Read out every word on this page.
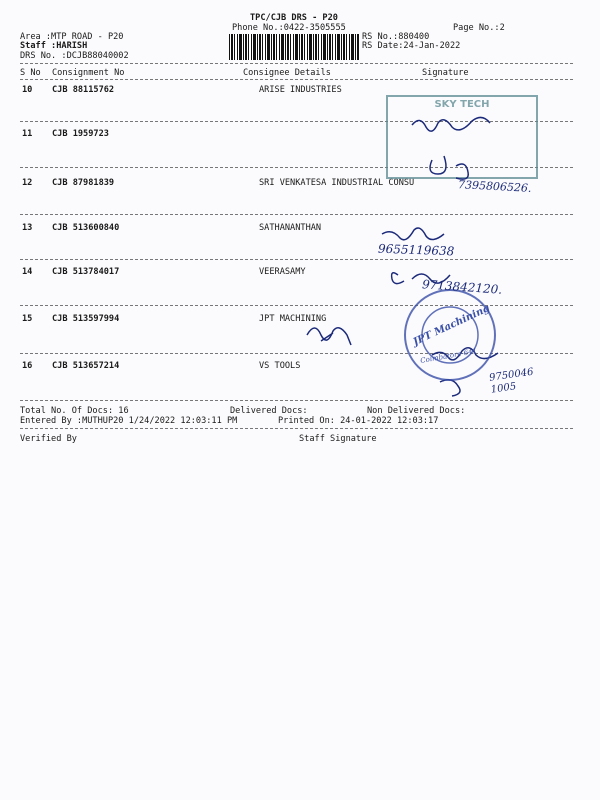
TPC/CJB DRS - P20
Phone No.:0422-3505555	Page No.:2
Area :MTP ROAD - P20
Staff :HARISH
DRS No. :DCJB88040002
RS No.:880400
RS Date:24-Jan-2022
S No Consignment No	Consignee Details	Signature
10 CJB 88115762	ARISE INDUSTRIES
11 CJB 1959723
12 CJB 87981839	SRI VENKATESA INDUSTRIAL CONSU
13 CJB 513600840	SATHANANTHAN
14 CJB 513784017	VEERASAMY
15 CJB 513597994	JPT MACHINING
16 CJB 513657214	VS TOOLS
Total No. Of Docs: 16	Delivered Docs:	Non Delivered Docs:
Entered By :MUTHUP20 1/24/2022 12:03:11 PM	Printed On: 24-01-2022 12:03:17
Verified By	Staff Signature
SKY TECH
7395806526.
9655119638
9713842120.
JPT Machining
Coimbatore-641
9750046 1005
